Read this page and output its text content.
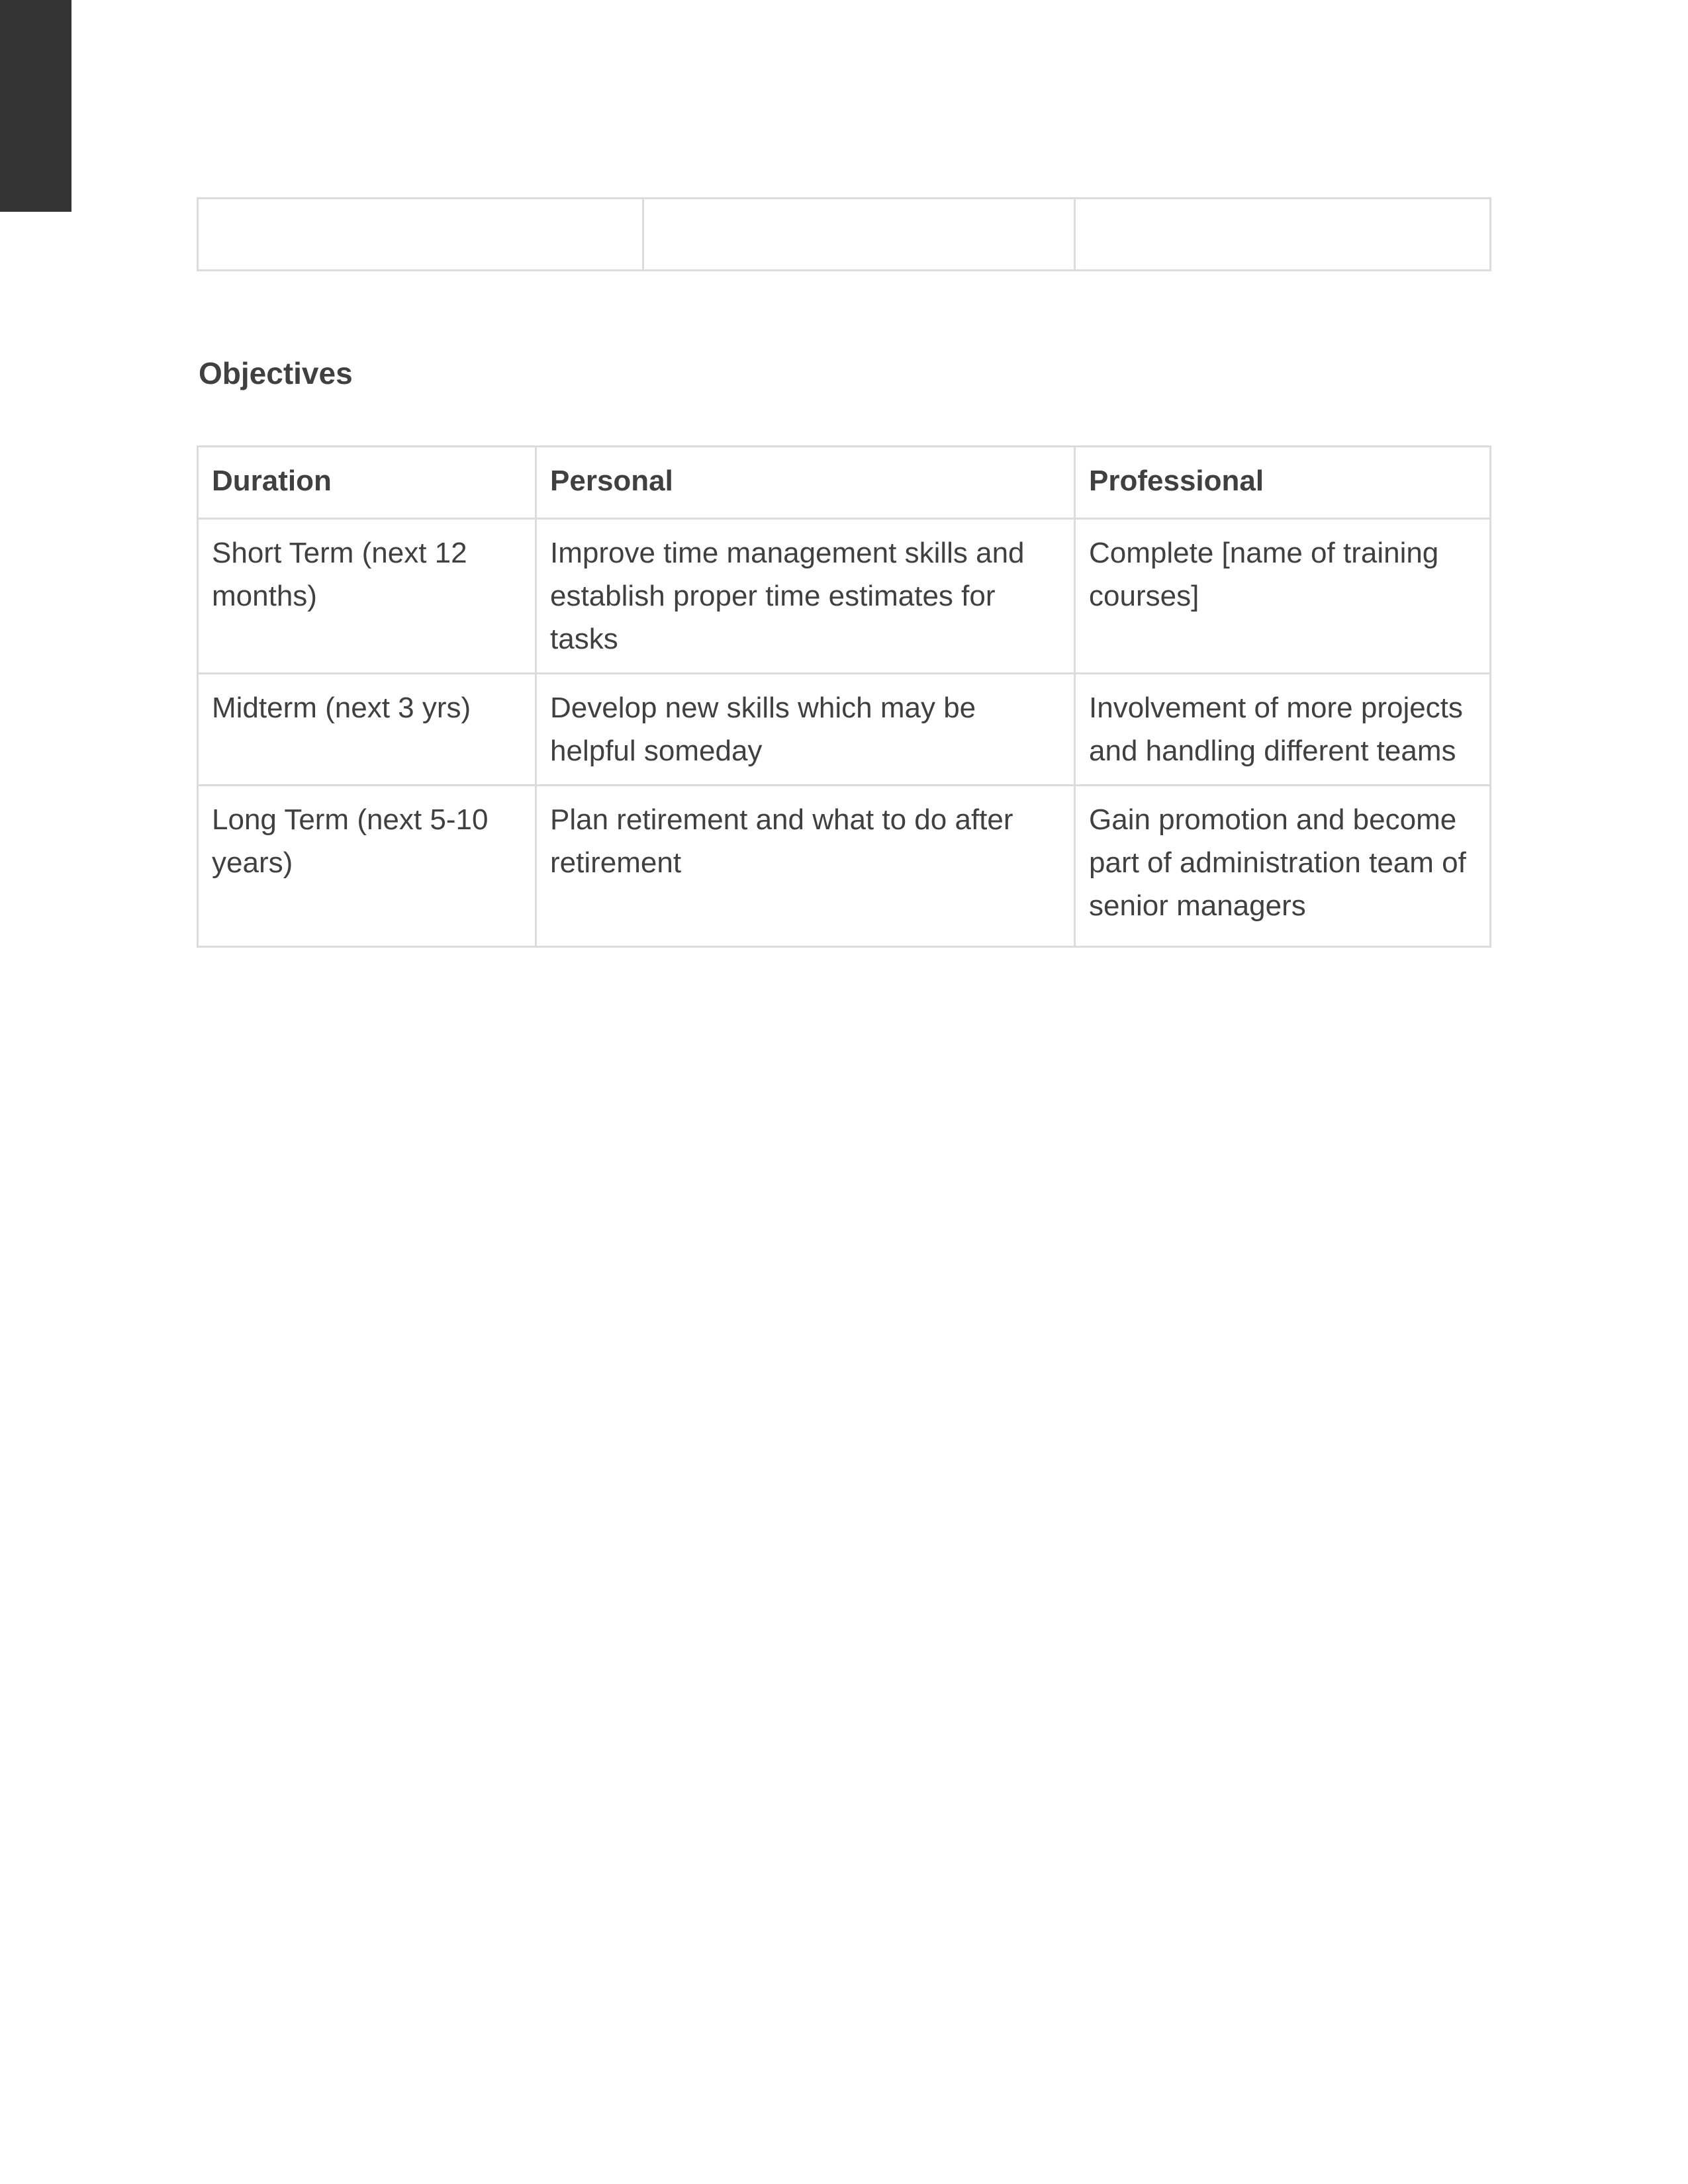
Objectives
Duration	Personal	Professional
Short Term (next 12 months)	Improve time management skills and establish proper time estimates for tasks	Complete [name of training courses]
Midterm (next 3 yrs)	Develop new skills which may be helpful someday	Involvement of more projects and handling different teams
Long Term (next 5-10 years)	Plan retirement and what to do after retirement	Gain promotion and become part of administration team of senior managers
